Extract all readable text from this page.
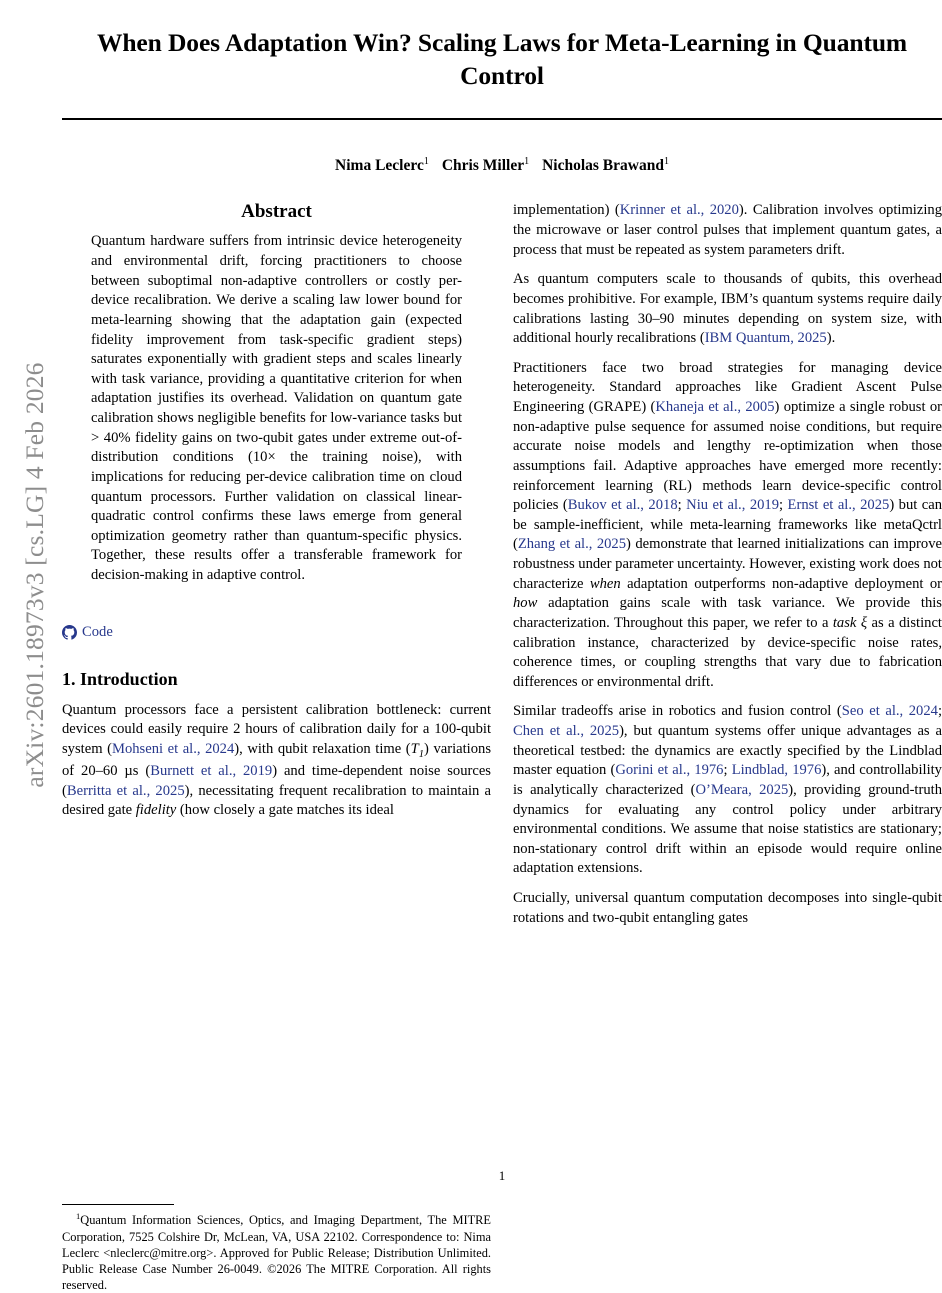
arXiv:2601.18973v3 [cs.LG] 4 Feb 2026
When Does Adaptation Win? Scaling Laws for Meta-Learning in Quantum Control
Nima Leclerc$^1$ Chris Miller$^1$ Nicholas Brawand$^1$
Abstract
Quantum hardware suffers from intrinsic device heterogeneity and environmental drift, forcing practitioners to choose between suboptimal non-adaptive controllers or costly per-device recalibration. We derive a scaling law lower bound for meta-learning showing that the adaptation gain (expected fidelity improvement from task-specific gradient steps) saturates exponentially with gradient steps and scales linearly with task variance, providing a quantitative criterion for when adaptation justifies its overhead. Validation on quantum gate calibration shows negligible benefits for low-variance tasks but > 40% fidelity gains on two-qubit gates under extreme out-of-distribution conditions (10× the training noise), with implications for reducing per-device calibration time on cloud quantum processors. Further validation on classical linear-quadratic control confirms these laws emerge from general optimization geometry rather than quantum-specific physics. Together, these results offer a transferable framework for decision-making in adaptive control.
Code
1. Introduction

Quantum processors face a persistent calibration bottleneck: current devices could easily require 2 hours of calibration daily for a 100-qubit system (Mohseni et al., 2024), with qubit relaxation time $(T_1)$ variations of 20–60 µs (Burnett et al., 2019) and time-dependent noise sources (Berritta et al., 2025), necessitating frequent recalibration to maintain a desired gate fidelity (how closely a gate matches its ideal

$^1$Quantum Information Sciences, Optics, and Imaging Department, The MITRE Corporation, 7525 Colshire Dr, McLean, VA, USA 22102. Correspondence to: Nima Leclerc <nleclerc@mitre.org>. Approved for Public Release; Distribution Unlimited. Public Release Case Number 26-0049. ©2026 The MITRE Corporation. All rights reserved.

implementation) (Krinner et al., 2020). Calibration involves optimizing the microwave or laser control pulses that implement quantum gates, a process that must be repeated as system parameters drift.

As quantum computers scale to thousands of qubits, this overhead becomes prohibitive. For example, IBM’s quantum systems require daily calibrations lasting 30–90 minutes depending on system size, with additional hourly recalibrations (IBM Quantum, 2025).

Practitioners face two broad strategies for managing device heterogeneity. Standard approaches like Gradient Ascent Pulse Engineering (GRAPE) (Khaneja et al., 2005) optimize a single robust or non-adaptive pulse sequence for assumed noise conditions, but require accurate noise models and lengthy re-optimization when those assumptions fail. Adaptive approaches have emerged more recently: reinforcement learning (RL) methods learn device-specific control policies (Bukov et al., 2018; Niu et al., 2019; Ernst et al., 2025) but can be sample-inefficient, while meta-learning frameworks like metaQctrl (Zhang et al., 2025) demonstrate that learned initializations can improve robustness under parameter uncertainty. However, existing work does not characterize when adaptation outperforms non-adaptive deployment or how adaptation gains scale with task variance. We provide this characterization. Throughout this paper, we refer to a task ξ as a distinct calibration instance, characterized by device-specific noise rates, coherence times, or coupling strengths that vary due to fabrication differences or environmental drift.

Similar tradeoffs arise in robotics and fusion control (Seo et al., 2024; Chen et al., 2025), but quantum systems offer unique advantages as a theoretical testbed: the dynamics are exactly specified by the Lindblad master equation (Gorini et al., 1976; Lindblad, 1976), and controllability is analytically characterized (O’Meara, 2025), providing ground-truth dynamics for evaluating any control policy under arbitrary environmental conditions. We assume that noise statistics are stationary; non-stationary control drift within an episode would require online adaptation extensions.

Crucially, universal quantum computation decomposes into single-qubit rotations and two-qubit entangling gates

1
